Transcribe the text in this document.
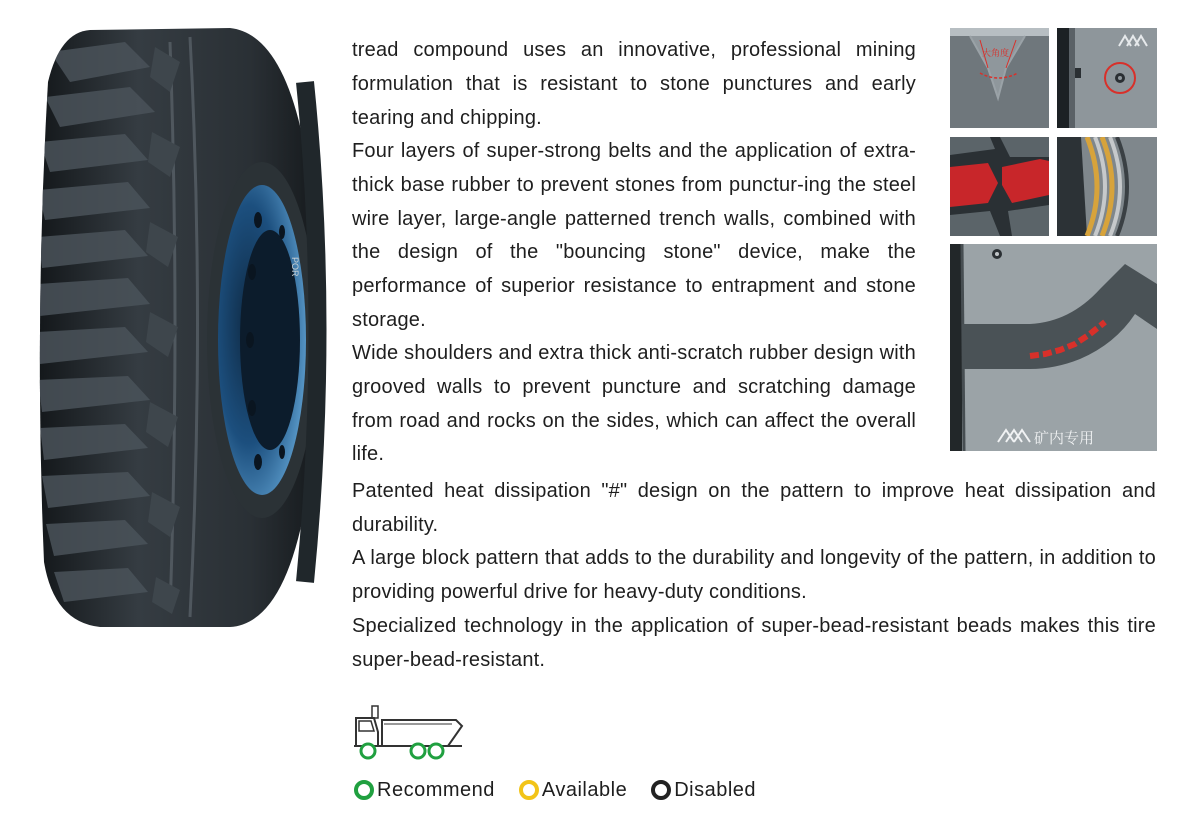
POR

tread compound uses an innovative, professional mining formulation that is resistant to stone punctures and early tearing and chipping.

Four layers of super-strong belts and the application of extra-thick base rubber to prevent stones from punctur-ing the steel wire layer, large-angle patterned trench walls, combined with the design of the "bouncing stone" device, make the performance of superior resistance to entrapment and stone storage.

Wide shoulders and extra thick anti-scratch rubber design with grooved walls to prevent puncture and scratching damage from road and rocks on the sides, which can affect the overall life.

Patented heat dissipation "#" design on the pattern to improve heat dissipation and durability.

A large block pattern that adds to the durability and longevity of the pattern, in addition to providing powerful drive for heavy-duty conditions.

Specialized technology in the application of super-bead-resistant beads makes this tire super-bead-resistant.

大角度
矿内专用
Recommend Available Disabled
